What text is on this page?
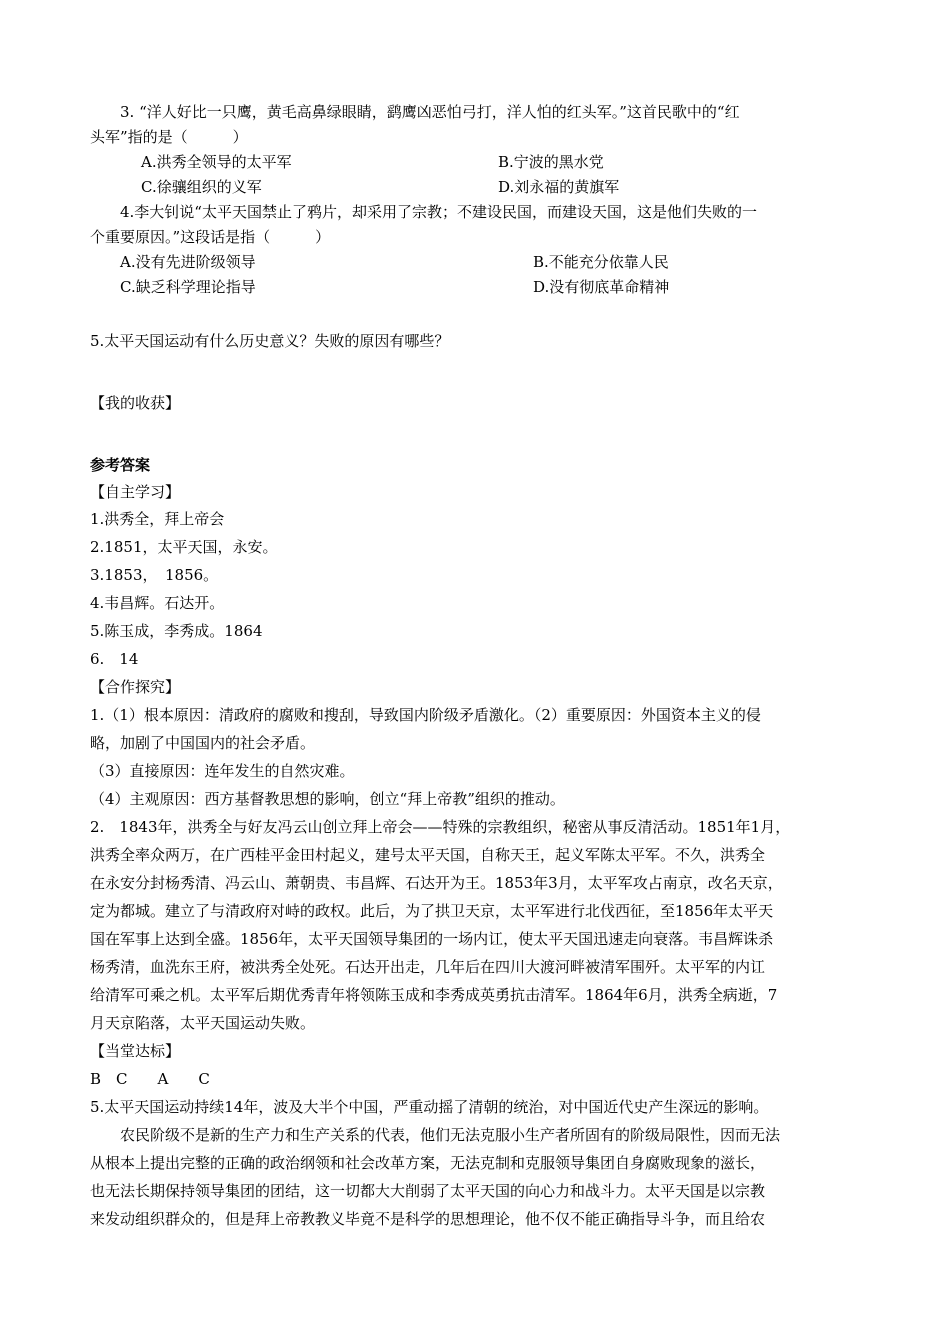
3. “洋人好比一只鹰，黄毛高鼻绿眼睛，鹞鹰凶恶怕弓打，洋人怕的红头军。”这首民歌中的“红
头军”指的是（　　　）
A.洪秀全领导的太平军	B.宁波的黑水党
C.徐骧组织的义军	D.刘永福的黄旗军
4.李大钊说“太平天国禁止了鸦片，却采用了宗教；不建设民国，而建设天国，这是他们失败的一
个重要原因。”这段话是指（　　　）
A.没有先进阶级领导	B.不能充分依靠人民
C.缺乏科学理论指导	D.没有彻底革命精神
5.太平天国运动有什么历史意义？失败的原因有哪些？
【我的收获】
参考答案
【自主学习】
1.洪秀全，拜上帝会
2.1851，太平天国，永安。
3.1853，　1856。
4.韦昌辉。石达开。
5.陈玉成，李秀成。1864
6.　14
【合作探究】
1.（1）根本原因：清政府的腐败和搜刮，导致国内阶级矛盾激化。（2）重要原因：外国资本主义的侵
略，加剧了中国国内的社会矛盾。
（3）直接原因：连年发生的自然灾难。
（4）主观原因：西方基督教思想的影响，创立“拜上帝教”组织的推动。
2.　1843年，洪秀全与好友冯云山创立拜上帝会——特殊的宗教组织，秘密从事反清活动。1851年1月，
洪秀全率众两万，在广西桂平金田村起义，建号太平天国，自称天王，起义军陈太平军。不久，洪秀全
在永安分封杨秀清、冯云山、萧朝贵、韦昌辉、石达开为王。1853年3月，太平军攻占南京，改名天京，
定为都城。建立了与清政府对峙的政权。此后，为了拱卫天京，太平军进行北伐西征，至1856年太平天
国在军事上达到全盛。1856年，太平天国领导集团的一场内讧，使太平天国迅速走向衰落。韦昌辉诛杀
杨秀清，血洗东王府，被洪秀全处死。石达开出走，几年后在四川大渡河畔被清军围歼。太平军的内讧
给清军可乘之机。太平军后期优秀青年将领陈玉成和李秀成英勇抗击清军。1864年6月，洪秀全病逝，7
月天京陷落，太平天国运动失败。
【当堂达标】
B　C　　A　　C
5.太平天国运动持续14年，波及大半个中国，严重动摇了清朝的统治，对中国近代史产生深远的影响。
　　农民阶级不是新的生产力和生产关系的代表，他们无法克服小生产者所固有的阶级局限性，因而无法
从根本上提出完整的正确的政治纲领和社会改革方案，无法克制和克服领导集团自身腐败现象的滋长，
也无法长期保持领导集团的团结，这一切都大大削弱了太平天国的向心力和战斗力。太平天国是以宗教
来发动组织群众的，但是拜上帝教教义毕竟不是科学的思想理论，他不仅不能正确指导斗争，而且给农
